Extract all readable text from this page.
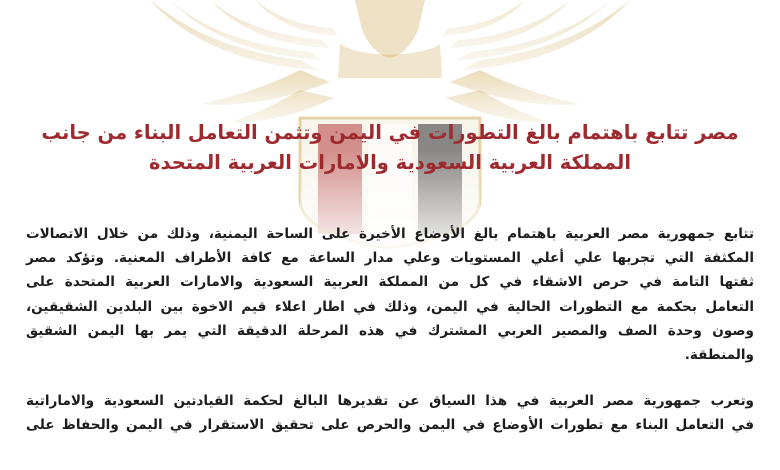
مصر تتابع باهتمام بالغ التطورات في اليمن وتثمن التعامل البناء من جانب
المملكة العربية السعودية والامارات العربية المتحدة

تتابع جمهورية مصر العربية باهتمام بالغ الأوضاع الأخيرة على الساحة اليمنية، وذلك من خلال الاتصالات
المكثفة التي تجريها علي أعلي المستويات وعلي مدار الساعة مع كافة الأطراف المعنية. وتؤكد مصر
ثقتها التامة في حرص الاشقاء في كل من المملكة العربية السعودية والامارات العربية المتحدة على
التعامل بحكمة مع التطورات الحالية في اليمن، وذلك في اطار اعلاء قيم الاخوة بين البلدين الشقيقين،
وصون وحدة الصف والمصير العربي المشترك في هذه المرحلة الدقيقة التي يمر بها اليمن الشقيق
والمنطقة.

وتعرب جمهورية مصر العربية في هذا السياق عن تقديرها البالغ لحكمة القيادتين السعودية والاماراتية
في التعامل البناء مع تطورات الأوضاع في اليمن والحرص على تحقيق الاستقرار في اليمن والحفاظ على
